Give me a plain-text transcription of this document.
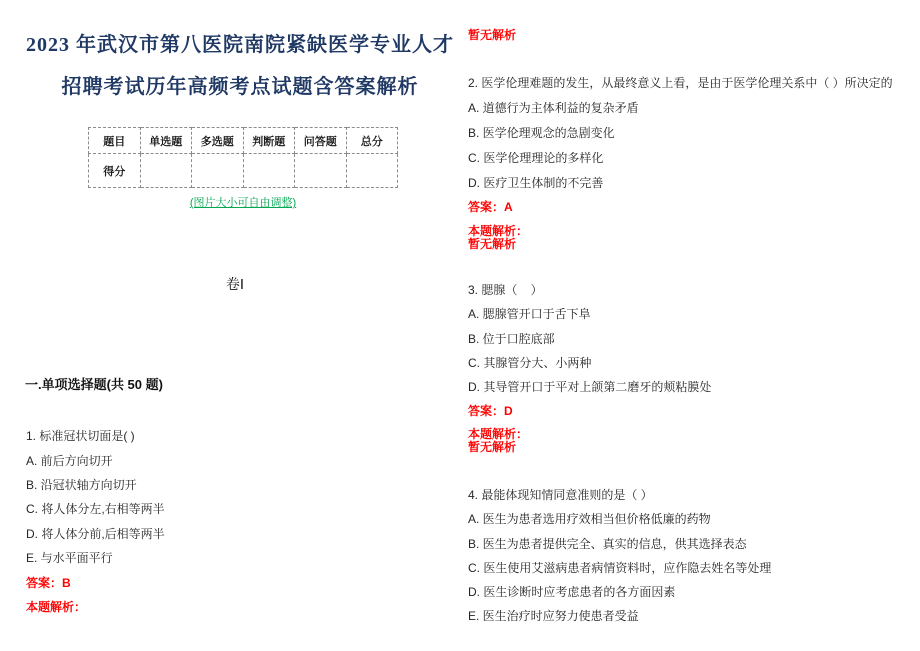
2023 年武汉市第八医院南院紧缺医学专业人才
招聘考试历年高频考点试题含答案解析
题目	单选题	多选题	判断题	问答题	总分
得分					
(图片大小可自由调整)
卷Ⅰ
一.单项选择题(共 50 题)
1. 标准冠状切面是( )
A. 前后方向切开
B. 沿冠状轴方向切开
C. 将人体分左,右相等两半
D. 将人体分前,后相等两半
E. 与水平面平行
答案：B
本题解析：
暂无解析
2. 医学伦理难题的发生，从最终意义上看，是由于医学伦理关系中（ ）所决定的
A. 道德行为主体利益的复杂矛盾
B. 医学伦理观念的急剧变化
C. 医学伦理理论的多样化
D. 医疗卫生体制的不完善
答案：A
本题解析：
暂无解析
3. 腮腺（    ）
A. 腮腺管开口于舌下阜
B. 位于口腔底部
C. 其腺管分大、小两种
D. 其导管开口于平对上颌第二磨牙的颊粘膜处
答案：D
本题解析：
暂无解析
4. 最能体现知情同意准则的是（ ）
A. 医生为患者选用疗效相当但价格低廉的药物
B. 医生为患者提供完全、真实的信息，供其选择表态
C. 医生使用艾滋病患者病情资料时，应作隐去姓名等处理
D. 医生诊断时应考虑患者的各方面因素
E. 医生治疗时应努力使患者受益
